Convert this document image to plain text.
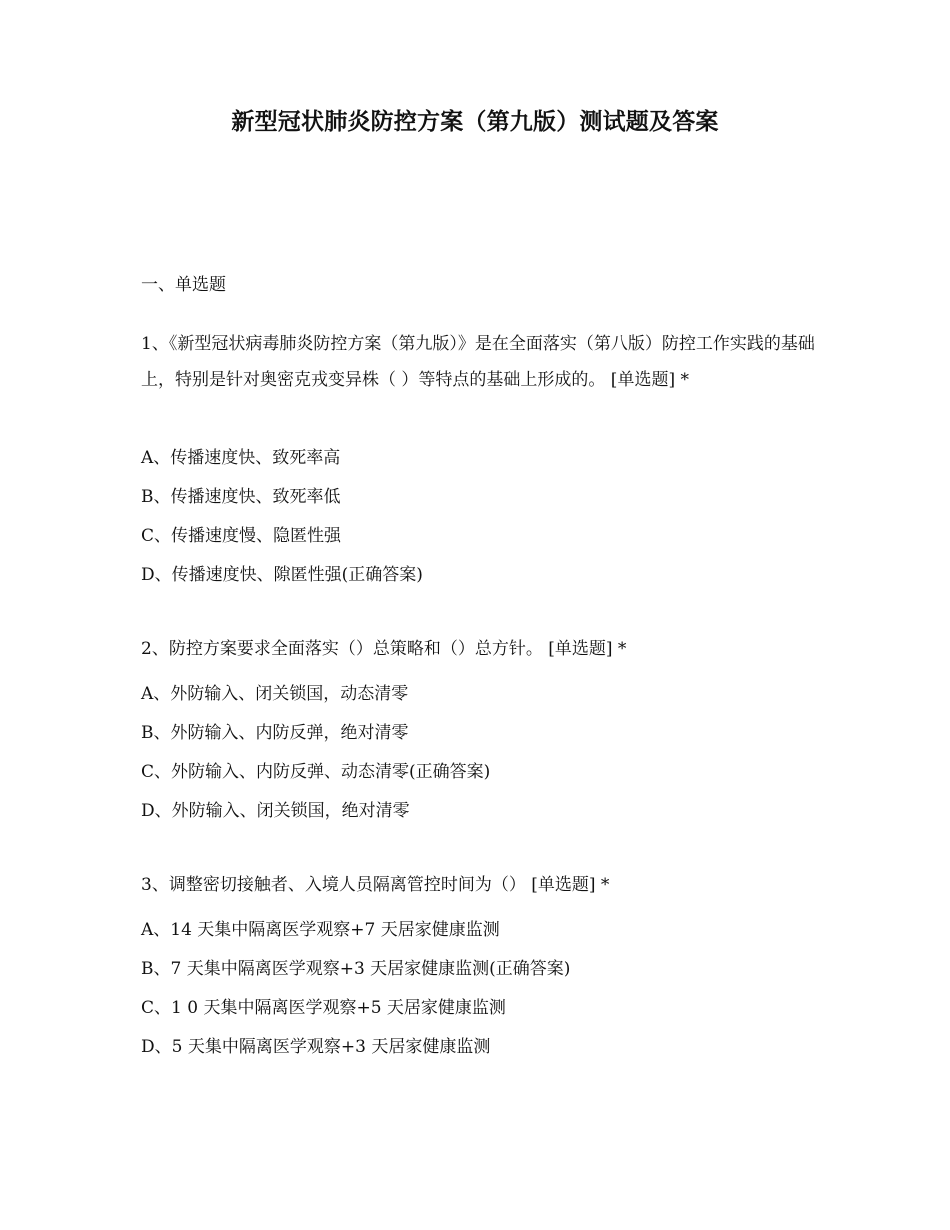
新型冠状肺炎防控方案（第九版）测试题及答案
一、单选题

1、《新型冠状病毒肺炎防控方案（第九版）》是在全面落实（第八版）防控工作实践的基础上，特别是针对奥密克戎变异株（ ）等特点的基础上形成的。 [单选题] *

A、传播速度快、致死率高

B、传播速度快、致死率低

C、传播速度慢、隐匿性强

D、传播速度快、隙匿性强(正确答案)

2、防控方案要求全面落实（）总策略和（）总方针。 [单选题] *

A、外防输入、闭关锁国，动态清零

B、外防输入、内防反弹，绝对清零

C、外防输入、内防反弹、动态清零(正确答案)

D、外防输入、闭关锁国，绝对清零

3、调整密切接触者、入境人员隔离管控时间为（） [单选题] *

A、14 天集中隔离医学观察+7 天居家健康监测

B、7 天集中隔离医学观察+3 天居家健康监测(正确答案)

C、1 0 天集中隔离医学观察+5 天居家健康监测

D、5 天集中隔离医学观察+3 天居家健康监测
